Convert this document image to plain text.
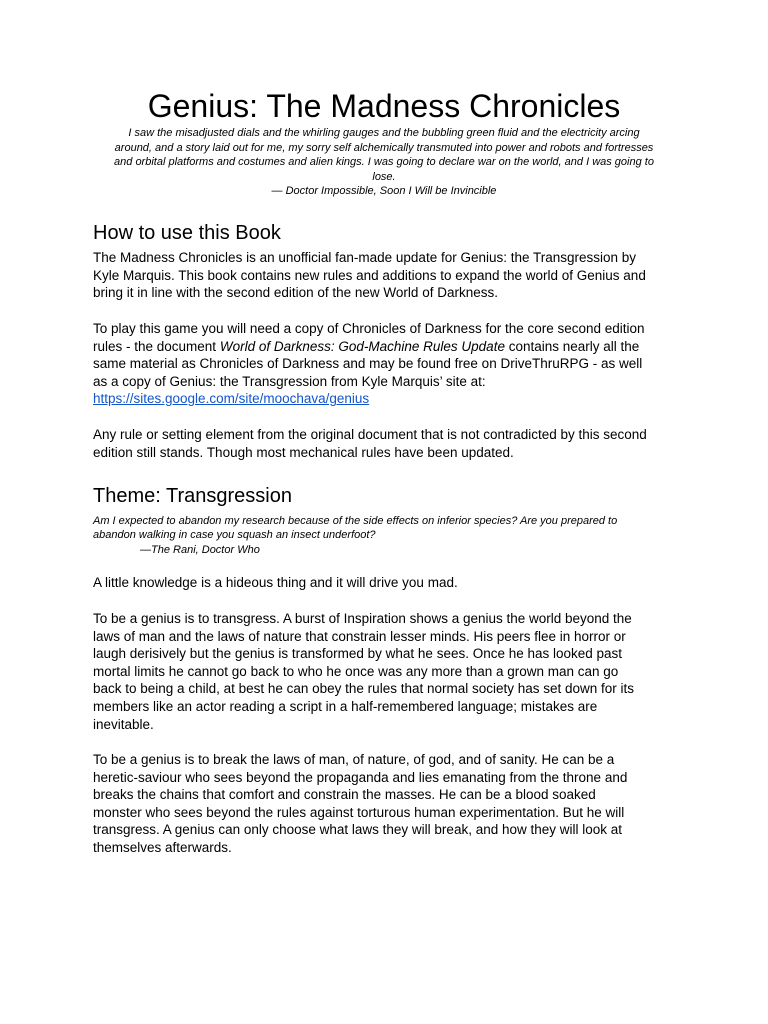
Genius: The Madness Chronicles
I saw the misadjusted dials and the whirling gauges and the bubbling green fluid and the electricity arcing
around, and a story laid out for me, my sorry self alchemically transmuted into power and robots and fortresses
and orbital platforms and costumes and alien kings. I was going to declare war on the world, and I was going to
lose.
— Doctor Impossible, Soon I Will be Invincible
How to use this Book

The Madness Chronicles is an unofficial fan-made update for Genius: the Transgression by
Kyle Marquis. This book contains new rules and additions to expand the world of Genius and
bring it in line with the second edition of the new World of Darkness.

To play this game you will need a copy of Chronicles of Darkness for the core second edition
rules - the document World of Darkness: God-Machine Rules Update contains nearly all the
same material as Chronicles of Darkness and may be found free on DriveThruRPG - as well
as a copy of Genius: the Transgression from Kyle Marquis’ site at:
https://sites.google.com/site/moochava/genius

Any rule or setting element from the original document that is not contradicted by this second
edition still stands. Though most mechanical rules have been updated.

Theme: Transgression
Am I expected to abandon my research because of the side effects on inferior species? Are you prepared to
abandon walking in case you squash an insect underfoot?
—The Rani, Doctor Who

A little knowledge is a hideous thing and it will drive you mad.

To be a genius is to transgress. A burst of Inspiration shows a genius the world beyond the
laws of man and the laws of nature that constrain lesser minds. His peers flee in horror or
laugh derisively but the genius is transformed by what he sees. Once he has looked past
mortal limits he cannot go back to who he once was any more than a grown man can go
back to being a child, at best he can obey the rules that normal society has set down for its
members like an actor reading a script in a half-remembered language; mistakes are
inevitable.

To be a genius is to break the laws of man, of nature, of god, and of sanity. He can be a
heretic-saviour who sees beyond the propaganda and lies emanating from the throne and
breaks the chains that comfort and constrain the masses. He can be a blood soaked
monster who sees beyond the rules against torturous human experimentation. But he will
transgress. A genius can only choose what laws they will break, and how they will look at
themselves afterwards.
